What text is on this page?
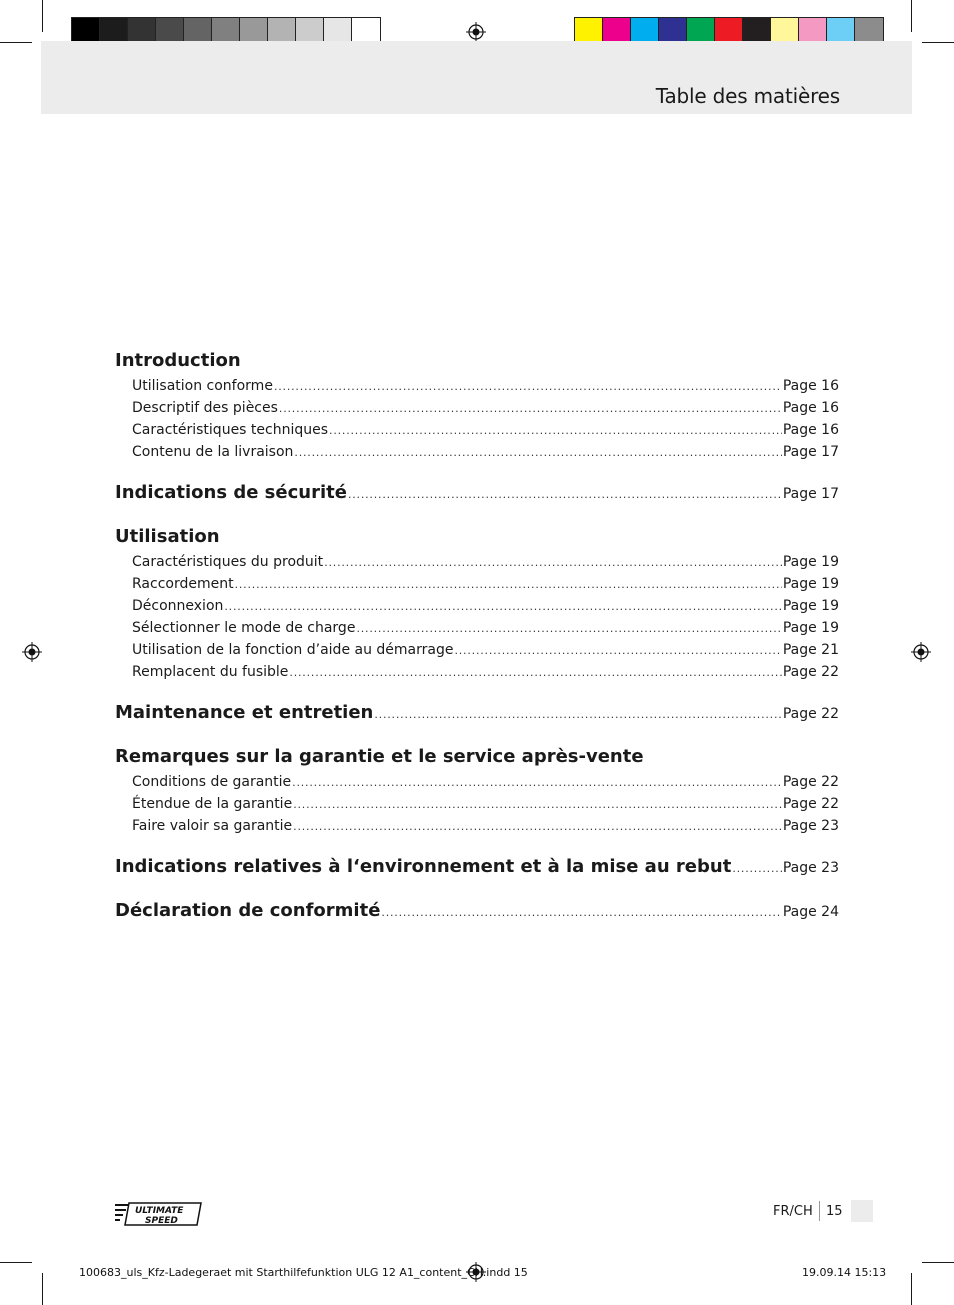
Table des matières
Introduction
Utilisation conforme .....	Page 16
Descriptif des pièces .....	Page 16
Caractéristiques techniques .....	Page 16
Contenu de la livraison .....	Page 17
Indications de sécurité .....	Page 17
Utilisation
Caractéristiques du produit .....	Page 19
Raccordement .....	Page 19
Déconnexion .....	Page 19
Sélectionner le mode de charge .....	Page 19
Utilisation de la fonction d’aide au démarrage .....	Page 21
Remplacent du fusible .....	Page 22
Maintenance et entretien .....	Page 22
Remarques sur la garantie et le service après-vente
Conditions de garantie .....	Page 22
Étendue de la garantie .....	Page 22
Faire valoir sa garantie .....	Page 23
Indications relatives à l‘environnement et à la mise au rebut .....	Page 23
Déclaration de conformité .....	Page 24
ULTIMATE
SPEED
FR/CH 15
100683_uls_Kfz-Ladegeraet mit Starthilfefunktion ULG 12 A1_content_CH.indd 15	19.09.14 15:13
